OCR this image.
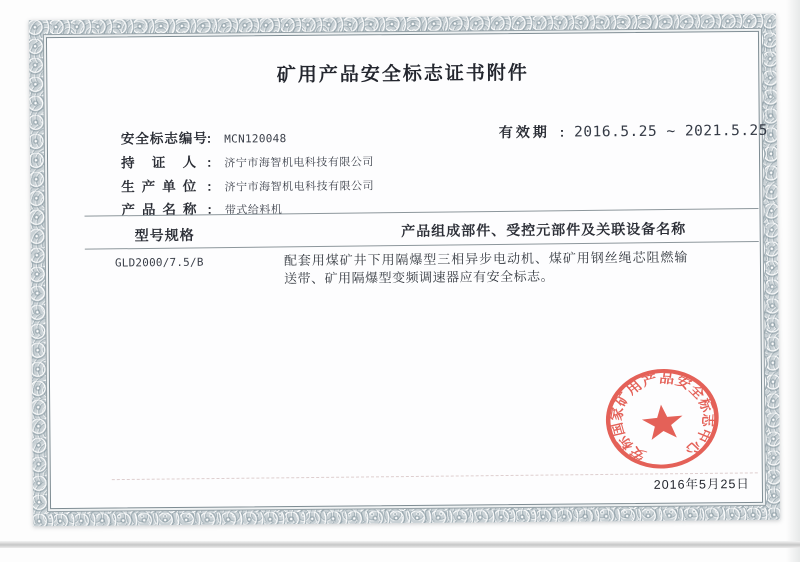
矿用产品安全标志证书附件
安全标志编号
: MCN120048	有效期 : 2016.5.25 ~ 2021.5.25
持证人 : 济宁市海智机电科技有限公司
生产单位 : 济宁市海智机电科技有限公司
产品名称 : 带式给料机
型号规格	产品组成部件、受控元部件及关联设备名称
GLD2000/7.5/B	配套用煤矿井下用隔爆型三相异步电动机、煤矿用钢丝绳芯阻燃输送带、矿用隔爆型变频调速器应有安全标志。
安标国家矿用产品安全标志中心
2016年5月25日
